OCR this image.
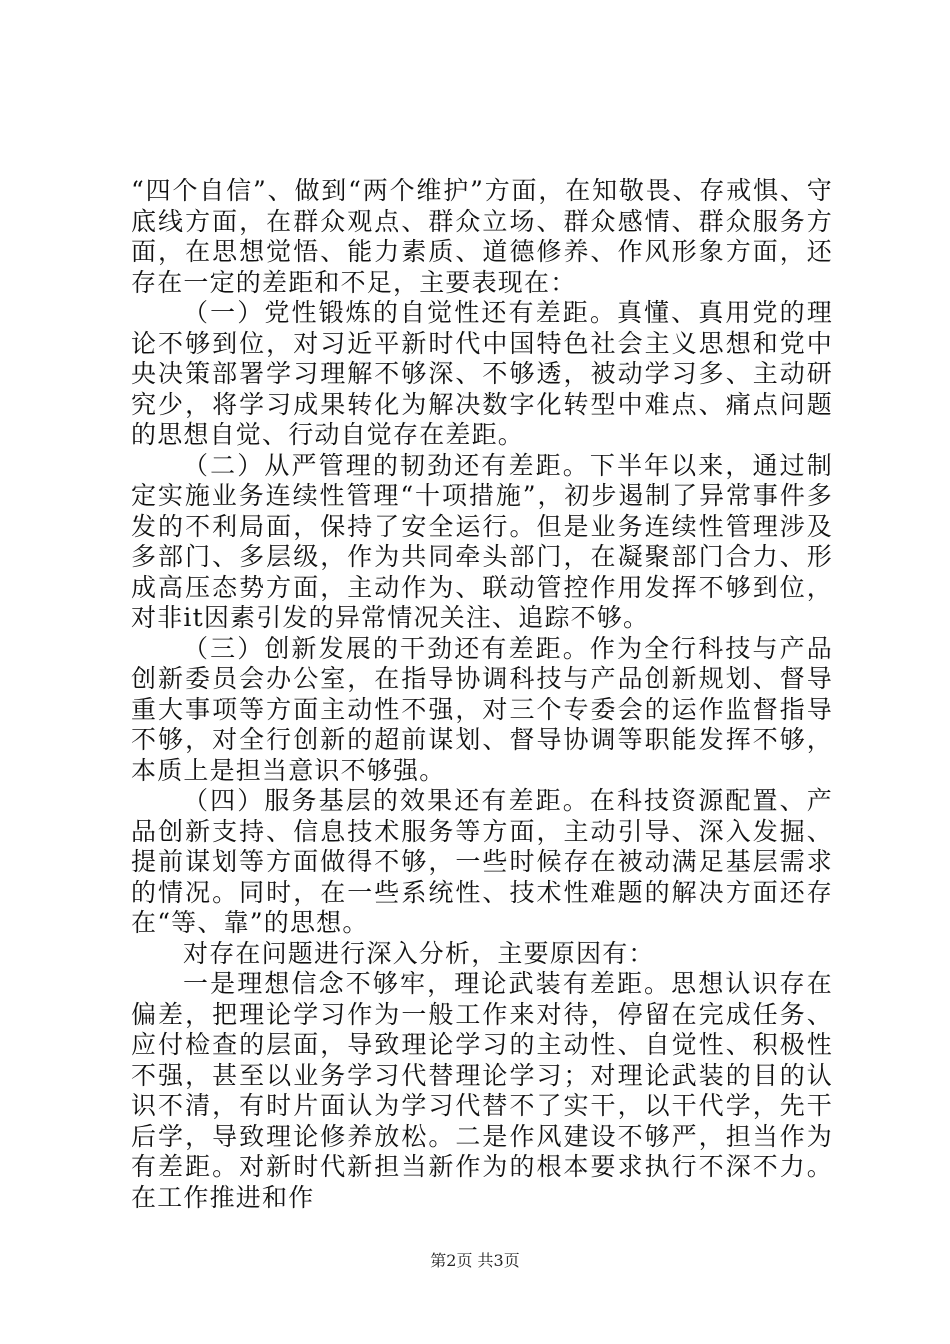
“四个自信”、做到“两个维护”方面，在知敬畏、存戒惧、守底线方面，在群众观点、群众立场、群众感情、群众服务方面，在思想觉悟、能力素质、道德修养、作风形象方面，还存在一定的差距和不足，主要表现在：

（一）党性锻炼的自觉性还有差距。真懂、真用党的理论不够到位，对习近平新时代中国特色社会主义思想和党中央决策部署学习理解不够深、不够透，被动学习多、主动研究少，将学习成果转化为解决数字化转型中难点、痛点问题的思想自觉、行动自觉存在差距。

（二）从严管理的韧劲还有差距。下半年以来，通过制定实施业务连续性管理“十项措施”，初步遏制了异常事件多发的不利局面，保持了安全运行。但是业务连续性管理涉及多部门、多层级，作为共同牵头部门，在凝聚部门合力、形成高压态势方面，主动作为、联动管控作用发挥不够到位，对非it因素引发的异常情况关注、追踪不够。

（三）创新发展的干劲还有差距。作为全行科技与产品创新委员会办公室，在指导协调科技与产品创新规划、督导重大事项等方面主动性不强，对三个专委会的运作监督指导不够，对全行创新的超前谋划、督导协调等职能发挥不够，本质上是担当意识不够强。

（四）服务基层的效果还有差距。在科技资源配置、产品创新支持、信息技术服务等方面，主动引导、深入发掘、提前谋划等方面做得不够，一些时候存在被动满足基层需求的情况。同时，在一些系统性、技术性难题的解决方面还存在“等、靠”的思想。

对存在问题进行深入分析，主要原因有：

一是理想信念不够牢，理论武装有差距。思想认识存在偏差，把理论学习作为一般工作来对待，停留在完成任务、应付检查的层面，导致理论学习的主动性、自觉性、积极性不强，甚至以业务学习代替理论学习；对理论武装的目的认识不清，有时片面认为学习代替不了实干，以干代学，先干后学，导致理论修养放松。二是作风建设不够严，担当作为有差距。对新时代新担当新作为的根本要求执行不深不力。在工作推进和作

第2页 共3页
